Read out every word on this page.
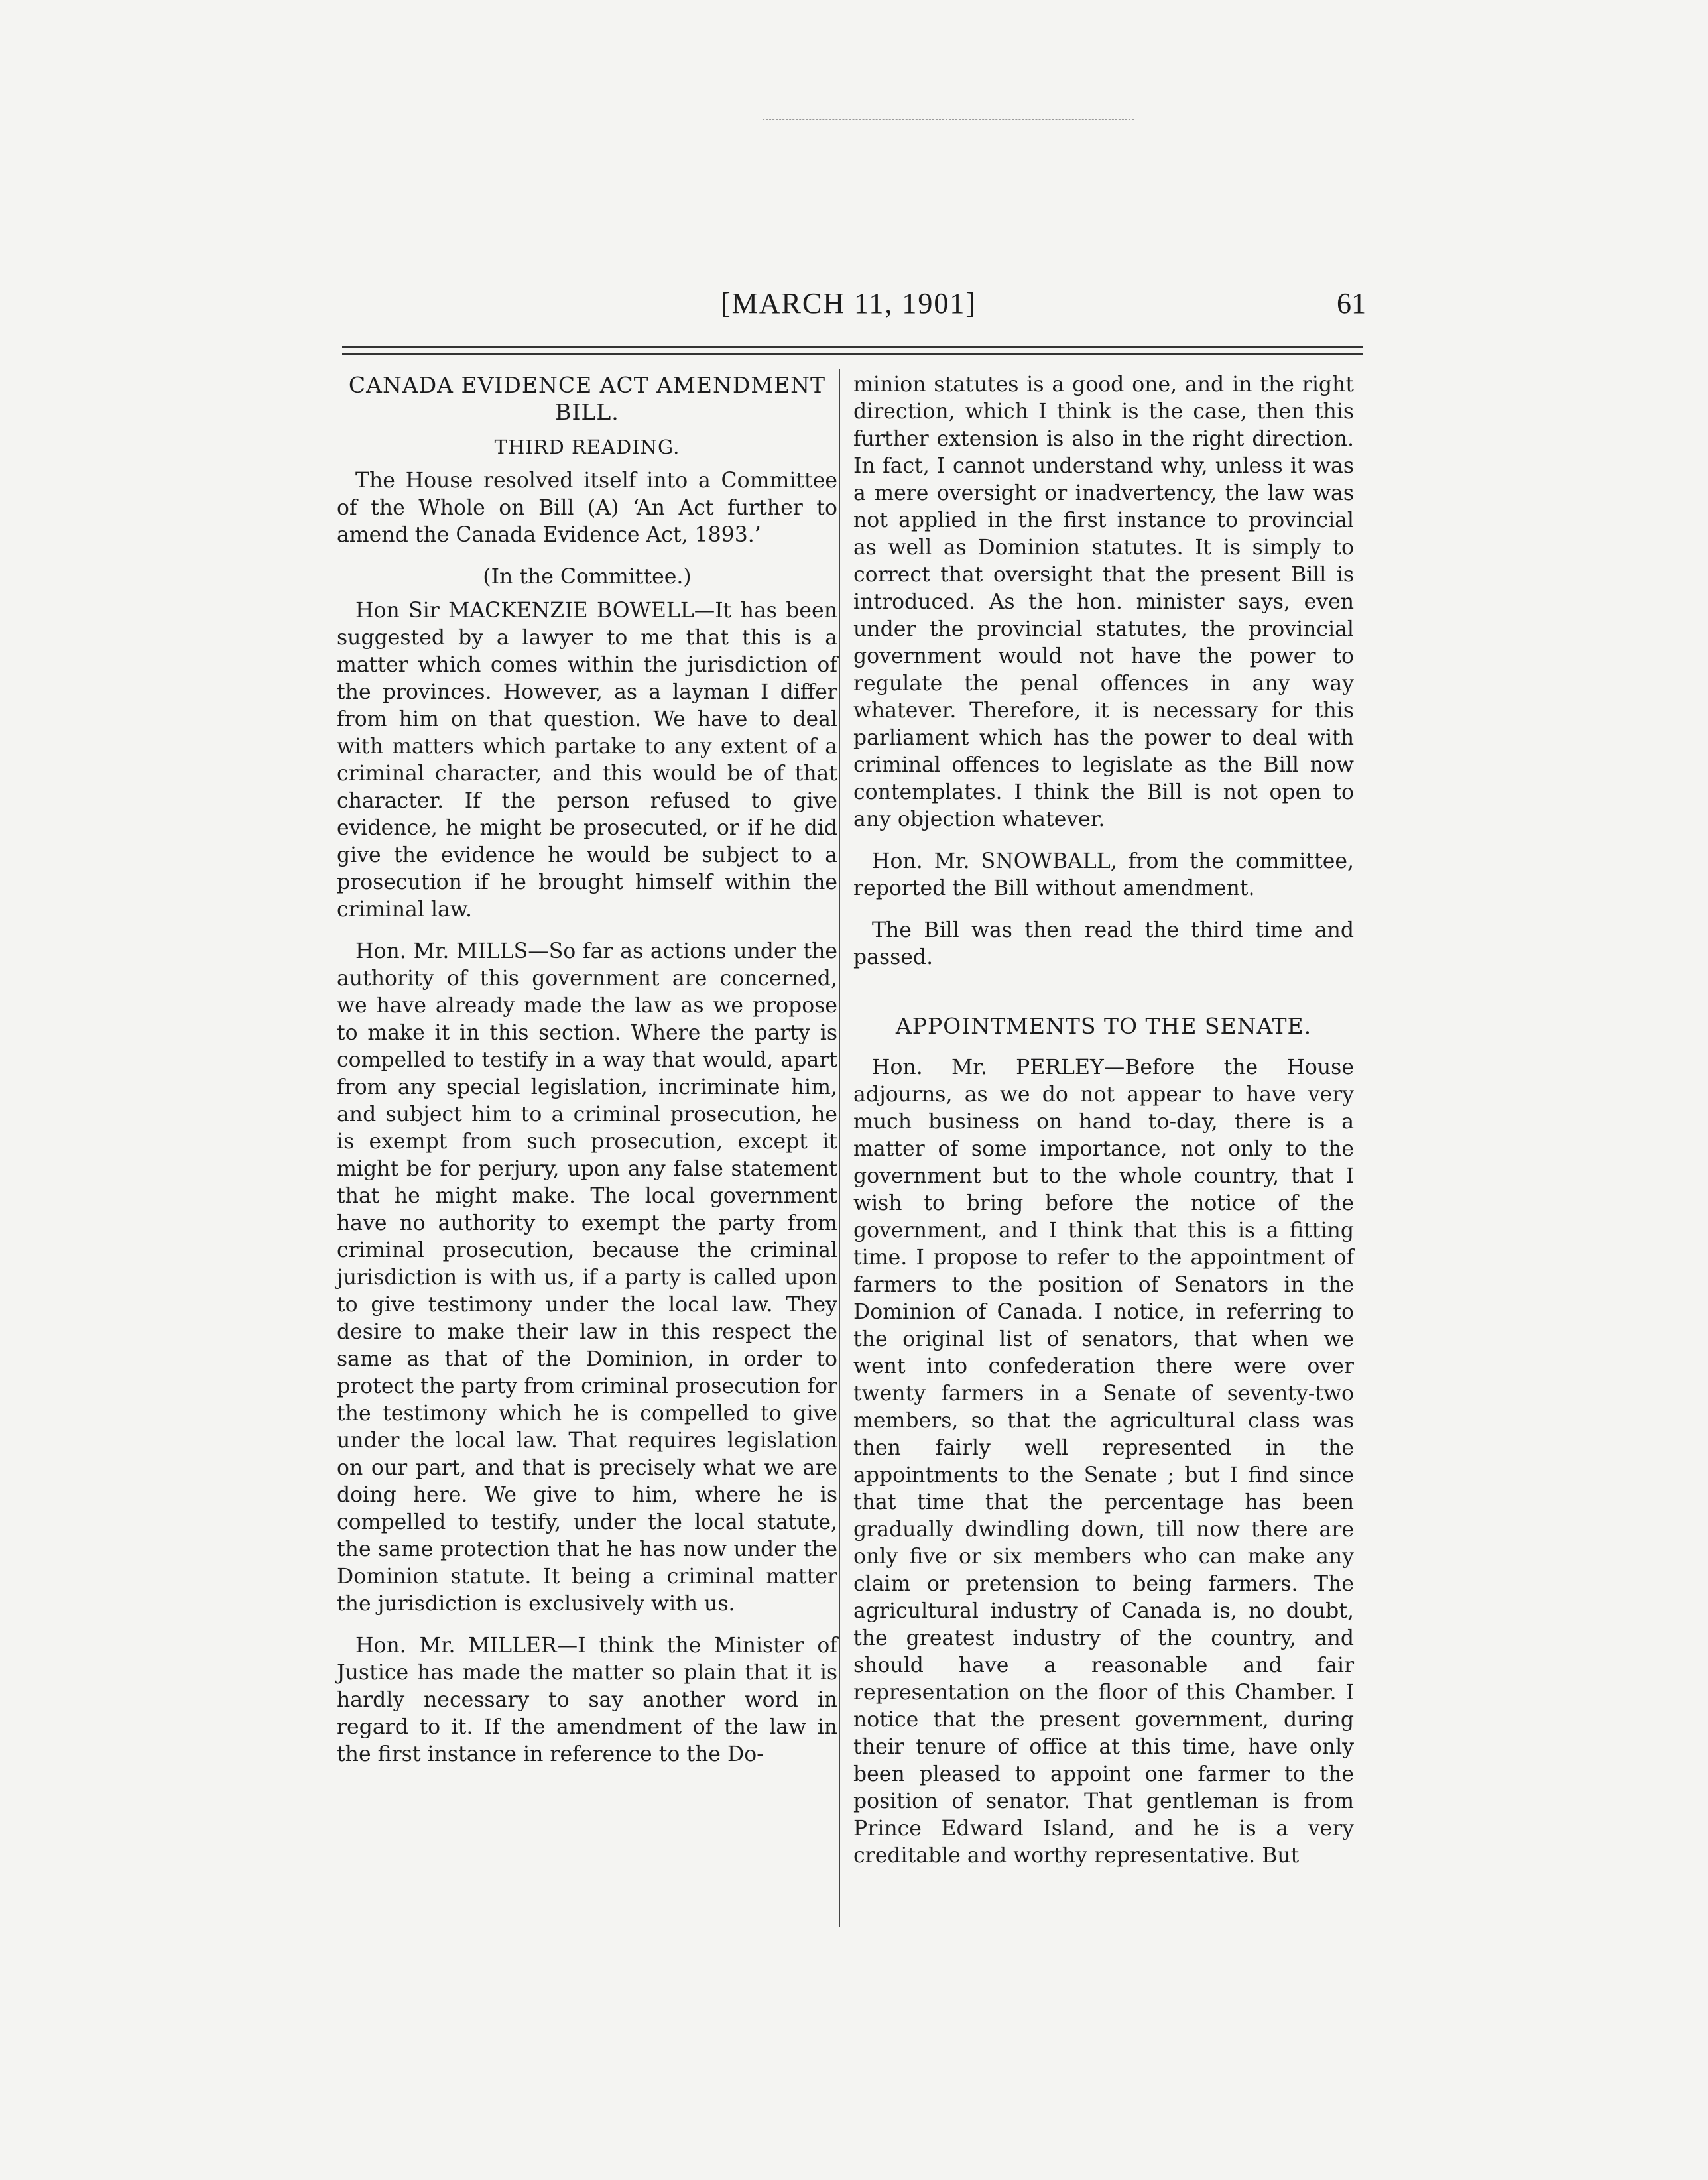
[MARCH 11, 1901]	61
CANADA EVIDENCE ACT AMENDMENT BILL.
THIRD READING.

The House resolved itself into a Committee of the Whole on Bill (A) ‘An Act further to amend the Canada Evidence Act, 1893.’

(In the Committee.)

Hon Sir MACKENZIE BOWELL—It has been suggested by a lawyer to me that this is a matter which comes within the jurisdiction of the provinces. However, as a layman I differ from him on that question. We have to deal with matters which partake to any extent of a criminal character, and this would be of that character. If the person refused to give evidence, he might be prosecuted, or if he did give the evidence he would be subject to a prosecution if he brought himself within the criminal law.

Hon. Mr. MILLS—So far as actions under the authority of this government are concerned, we have already made the law as we propose to make it in this section. Where the party is compelled to testify in a way that would, apart from any special legislation, incriminate him, and subject him to a criminal prosecution, he is exempt from such prosecution, except it might be for perjury, upon any false statement that he might make. The local government have no authority to exempt the party from criminal prosecution, because the criminal jurisdiction is with us, if a party is called upon to give testimony under the local law. They desire to make their law in this respect the same as that of the Dominion, in order to protect the party from criminal prosecution for the testimony which he is compelled to give under the local law. That requires legislation on our part, and that is precisely what we are doing here. We give to him, where he is compelled to testify, under the local statute, the same protection that he has now under the Dominion statute. It being a criminal matter the jurisdiction is exclusively with us.

Hon. Mr. MILLER—I think the Minister of Justice has made the matter so plain that it is hardly necessary to say another word in regard to it. If the amendment of the law in the first instance in reference to the Do-

minion statutes is a good one, and in the right direction, which I think is the case, then this further extension is also in the right direction. In fact, I cannot understand why, unless it was a mere oversight or inadvertency, the law was not applied in the first instance to provincial as well as Dominion statutes. It is simply to correct that oversight that the present Bill is introduced. As the hon. minister says, even under the provincial statutes, the provincial government would not have the power to regulate the penal offences in any way whatever. Therefore, it is necessary for this parliament which has the power to deal with criminal offences to legislate as the Bill now contemplates. I think the Bill is not open to any objection whatever.

Hon. Mr. SNOWBALL, from the committee, reported the Bill without amendment.

The Bill was then read the third time and passed.

APPOINTMENTS TO THE SENATE.

Hon. Mr. PERLEY—Before the House adjourns, as we do not appear to have very much business on hand to-day, there is a matter of some importance, not only to the government but to the whole country, that I wish to bring before the notice of the government, and I think that this is a fitting time. I propose to refer to the appointment of farmers to the position of Senators in the Dominion of Canada. I notice, in referring to the original list of senators, that when we went into confederation there were over twenty farmers in a Senate of seventy-two members, so that the agricultural class was then fairly well represented in the appointments to the Senate ; but I find since that time that the percentage has been gradually dwindling down, till now there are only five or six members who can make any claim or pretension to being farmers. The agricultural industry of Canada is, no doubt, the greatest industry of the country, and should have a reasonable and fair representation on the floor of this Chamber. I notice that the present government, during their tenure of office at this time, have only been pleased to appoint one farmer to the position of senator. That gentleman is from Prince Edward Island, and he is a very creditable and worthy representative. But
